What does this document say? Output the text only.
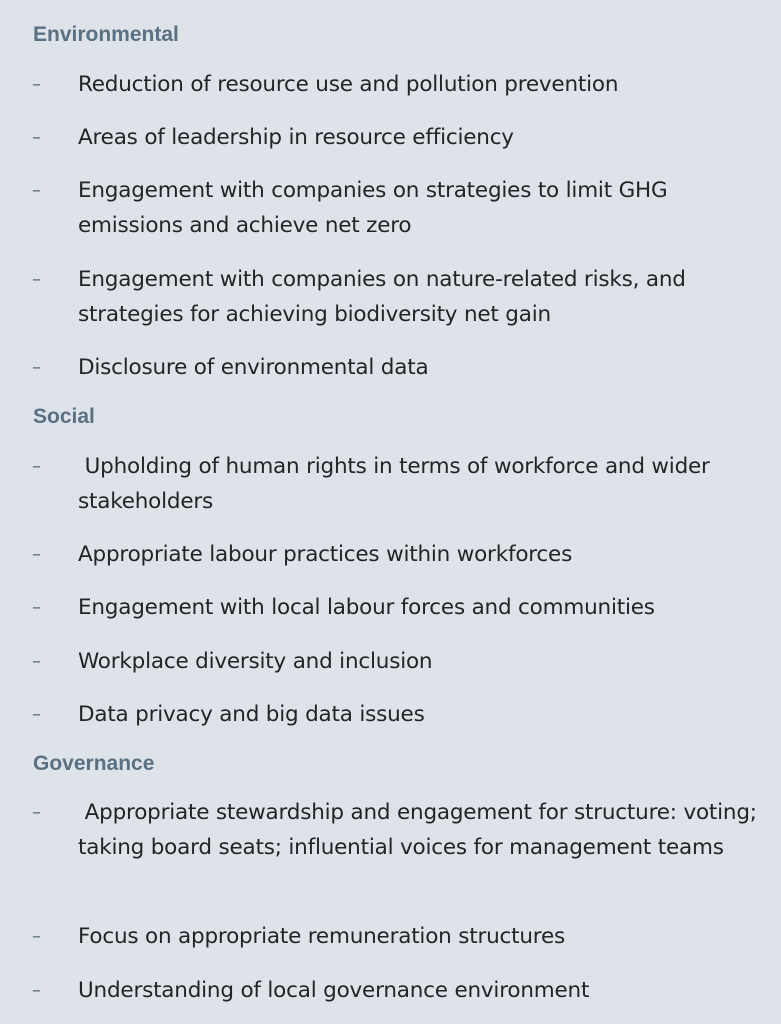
Environmental
– Reduction of resource use and pollution prevention
– Areas of leadership in resource efficiency
– Engagement with companies on strategies to limit GHG emissions and achieve net zero
– Engagement with companies on nature-related risks, and strategies for achieving biodiversity net gain
– Disclosure of environmental data
Social
– Upholding of human rights in terms of workforce and wider stakeholders
– Appropriate labour practices within workforces
– Engagement with local labour forces and communities
– Workplace diversity and inclusion
– Data privacy and big data issues
Governance
– Appropriate stewardship and engagement for structure: voting; taking board seats; influential voices for management teams
– Focus on appropriate remuneration structures
– Understanding of local governance environment
